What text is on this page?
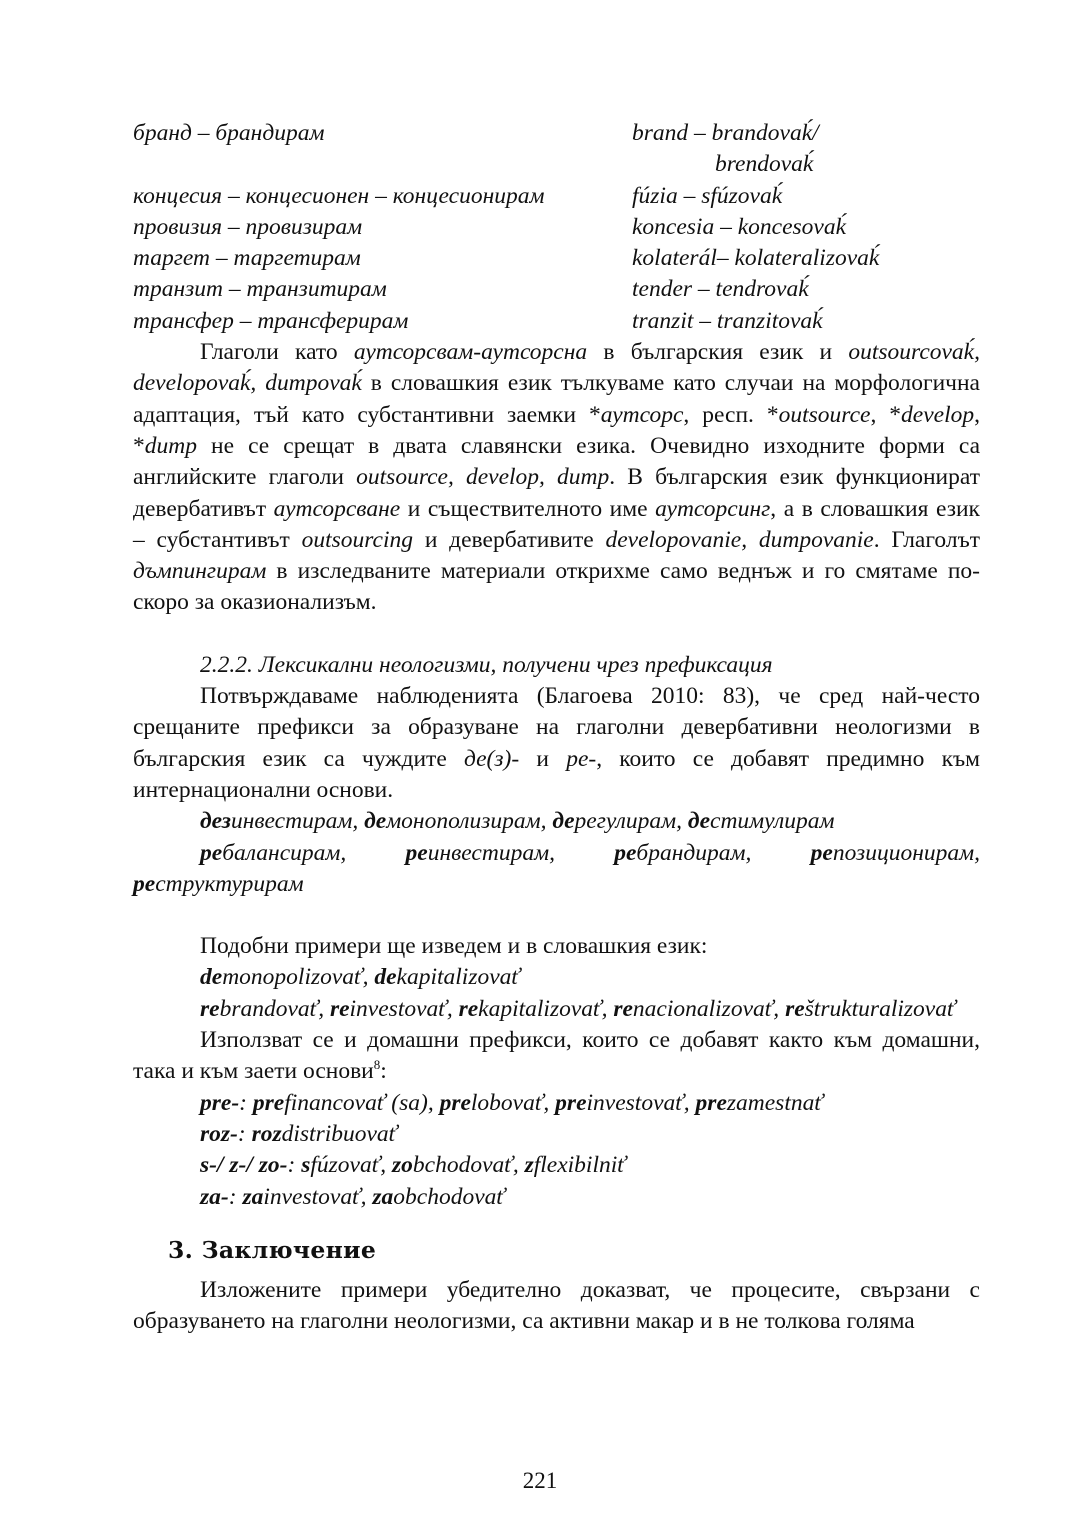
бранд – брандирам	brand – brandovaḱ/
brendovaḱ
концесия – концесионен – концесионирам	fúzia – sfúzovaḱ
провизия – провизирам	koncesia – koncesovaḱ
таргет – таргетирам	kolaterál– kolateralizovaḱ
транзит – транзитирам	tender – tendrovaḱ
трансфер – трансферирам	tranzit – tranzitovaḱ

Глаголи като аутсорсвам-аутсорсна в българския език и outsourcovaḱ, developovaḱ, dumpovaḱ в словашкия език тълкуваме като случаи на морфологична адаптация, тъй като субстантивни заемки *аутсорс, респ. *outsource, *develop, *dump не се срещат в двата славянски езика. Очевидно изходните форми са английските глаголи outsource, develop, dump. В българския език функционират девербативът аутсорсване и съществителното име аутсорсинг, а в словашкия език – субстантивът outsourcing и девербативите developovanie, dumpovanie. Глаголът дъмпингирам в изследваните материали открихме само веднъж и го смятаме по-скоро за оказионализъм.

2.2.2. Лексикални неологизми, получени чрез префиксация

Потвърждаваме наблюденията (Благоева 2010: 83), че сред най-често срещаните префикси за образуване на глаголни девербативни неологизми в българския език са чуждите де(з)- и ре-, които се добавят предимно към интернационални основи.

дезинвестирам, демонополизирам, дерегулирам, дестимулирам

ребалансирам, реинвестирам, ребрандирам, репозиционирам, реструктурирам

Подобни примери ще изведем и в словашкия език:

demonopolizovať, dekapitalizovať

rebrandovať, reinvestovať, rekapitalizovať, renacionalizovať, reštrukturalizovať

Използват се и домашни префикси, които се добавят както към домашни, така и към заети основи$^8$:

pre-: prefinancovať (sa), prelobovať, preinvestovať, prezamestnať

roz-: rozdistribuovať

s-/ z-/ zo-: sfúzovať, zobchodovať, zflexibilniť

za-: zainvestovať, zaobchodovať

3. Заключение

Изложените примери убедително доказват, че процесите, свързани с образуването на глаголни неологизми, са активни макар и в не толкова голяма

221
